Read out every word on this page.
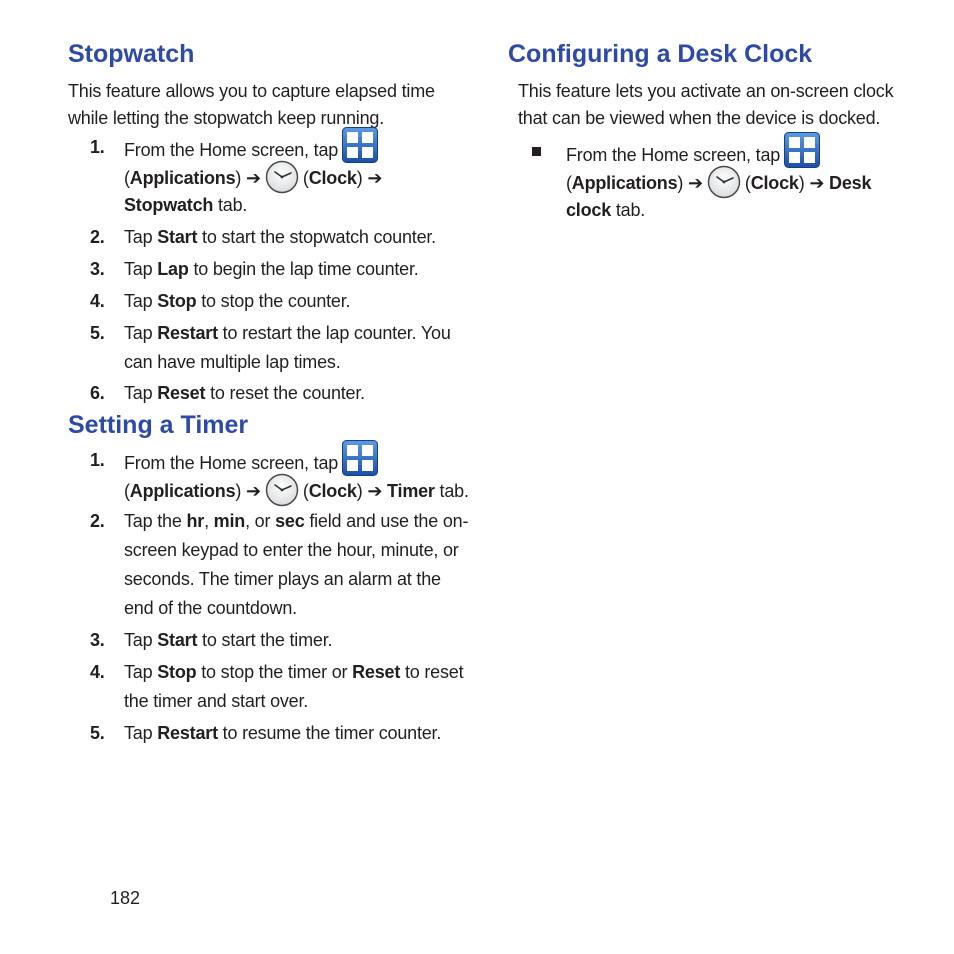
Stopwatch
This feature allows you to capture elapsed time
while letting the stopwatch keep running.
1. From the Home screen, tap
(Applications) ➔ (Clock) ➔
Stopwatch tab.
2. Tap Start to start the stopwatch counter.
3. Tap Lap to begin the lap time counter.
4. Tap Stop to stop the counter.
5. Tap Restart to restart the lap counter. You
can have multiple lap times.
6. Tap Reset to reset the counter.
Setting a Timer
1. From the Home screen, tap
(Applications) ➔ (Clock) ➔ Timer tab.
2. Tap the hr, min, or sec field and use the on-
screen keypad to enter the hour, minute, or
seconds. The timer plays an alarm at the
end of the countdown.
3. Tap Start to start the timer.
4. Tap Stop to stop the timer or Reset to reset
the timer and start over.
5. Tap Restart to resume the timer counter.
Configuring a Desk Clock
This feature lets you activate an on-screen clock
that can be viewed when the device is docked.
From the Home screen, tap
(Applications) ➔ (Clock) ➔ Desk
clock tab.
182
